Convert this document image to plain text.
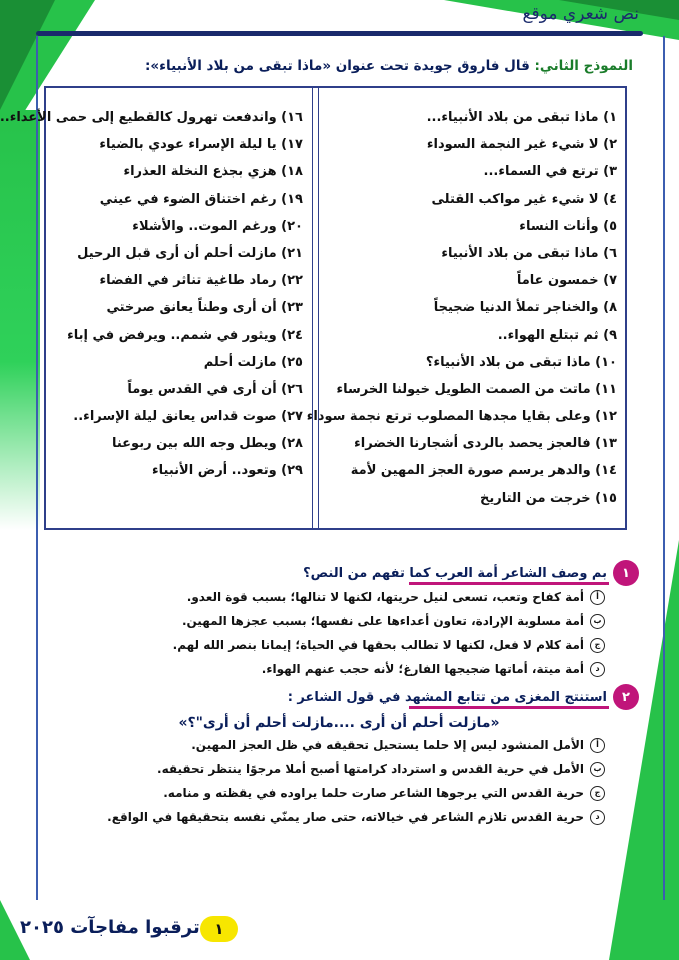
نص شعري موقع
النموذج الثاني: قال فاروق جويدة تحت عنوان «ماذا تبقى من بلاد الأنبياء»:
١) ماذا تبقى من بلاد الأنبياء...
٢) لا شيء غير النجمة السوداء
٣) ترتع في السماء...
٤) لا شيء غير مواكب القتلى
٥) وأنات النساء
٦) ماذا تبقى من بلاد الأنبياء
٧) خمسون عاماً
٨) والخناجر تملأ الدنيا ضجيجاً
٩) ثم تبتلع الهواء..
١٠) ماذا تبقى من بلاد الأنبياء؟
١١) ماتت من الصمت الطويل خيولنا الخرساء
١٢) وعلى بقايا مجدها المصلوب ترتع نجمة سوداء
١٣) فالعجز يحصد بالردى أشجارنا الخضراء
١٤) والدهر يرسم صورة العجز المهين لأمة
١٥) خرجت من التاريخ
١٦) واندفعت تهرول كالقطيع إلى حمى الأعداء..
١٧) يا ليلة الإسراء عودي بالضياء
١٨) هزي بجذع النخلة العذراء
١٩) رغم اختناق الضوء في عيني
٢٠) ورغم الموت.. والأشلاء
٢١) مازلت أحلم أن أرى قبل الرحيل
٢٢) رماد طاغية تناثر في الفضاء
٢٣) أن أرى وطناً يعانق صرختي
٢٤) ويثور في شمم.. ويرفض في إباء
٢٥) مازلت أحلم
٢٦) أن أرى في القدس يوماً
٢٧) صوت قداس يعانق ليلة الإسراء..
٢٨) ويطل وجه الله بين ربوعنا
٢٩) وتعود.. أرض الأنبياء
١
بم وصف الشاعر أمة العرب كما تفهم من النص؟
أ
أمة كفاح وتعب، تسعى لنيل حريتها، لكنها لا تنالها؛ بسبب قوة العدو.
ب
أمة مسلوبة الإرادة، تعاون أعداءها على نفسها؛ بسبب عجزها المهين.
ج
أمة كلام لا فعل، لكنها لا تطالب بحقها في الحياة؛ إيمانا بنصر الله لهم.
د
أمة ميتة، أماتها ضجيجها الفارغ؛ لأنه حجب عنهم الهواء.
٢
استنتج المغزى من تتابع المشهد في قول الشاعر :
«مازلت أحلم أن أرى ....مازلت أحلم أن أرى"؟»
أ
الأمل المنشود ليس إلا حلما يستحيل تحقيقه في ظل العجز المهين.
ب
الأمل في حرية القدس و استرداد كرامتها أصبح أملا مرجوًا ينتظر تحقيقه.
ج
حرية القدس التي يرجوها الشاعر صارت حلما يراوده في يقظته و منامه.
د
حرية القدس تلازم الشاعر في خيالاته، حتى صار يمنّي نفسه بتحقيقها في الواقع.
١
ترقبوا مفاجآت ٢٠٢٥
